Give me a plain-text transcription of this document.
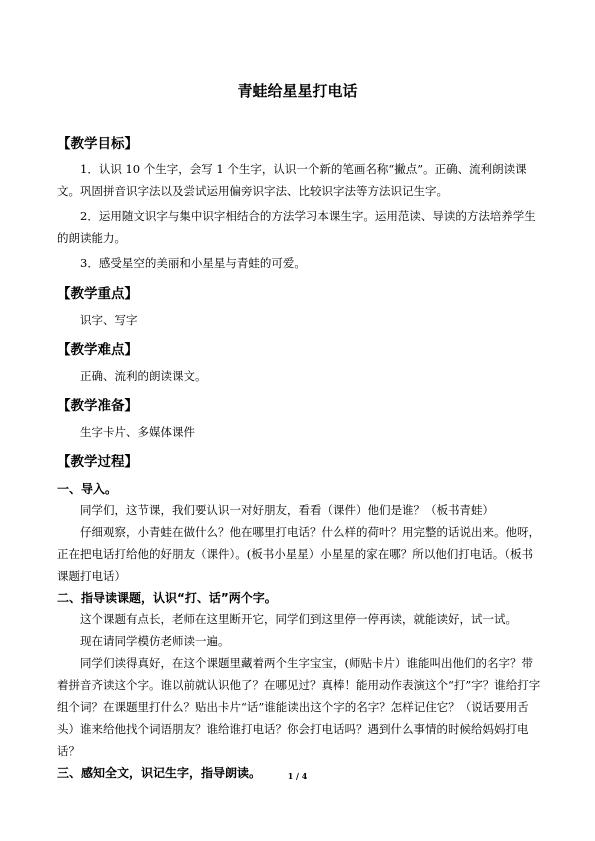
青蛙给星星打电话
【教学目标】

1．认识 10 个生字，会写 1 个生字，认识一个新的笔画名称“撇点”。正确、流利朗读课文。巩固拼音识字法以及尝试运用偏旁识字法、比较识字法等方法识记生字。

2．运用随文识字与集中识字相结合的方法学习本课生字。运用范读、导读的方法培养学生的朗读能力。

3．感受星空的美丽和小星星与青蛙的可爱。

【教学重点】
识字、写字
【教学难点】
正确、流利的朗读课文。
【教学准备】
生字卡片、多媒体课件
【教学过程】
一、导入。

同学们，这节课，我们要认识一对好朋友，看看（课件）他们是谁？（板书青蛙）

仔细观察，小青蛙在做什么？他在哪里打电话？什么样的荷叶？用完整的话说出来。他呀，正在把电话打给他的好朋友（课件）。(板书小星星）小星星的家在哪？所以他们打电话。（板书课题打电话）

二、指导读课题，认识“打、话”两个字。

这个课题有点长，老师在这里断开它，同学们到这里停一停再读，就能读好，试一试。

现在请同学模仿老师读一遍。

同学们读得真好，在这个课题里藏着两个生字宝宝，(师贴卡片）谁能叫出他们的名字？带着拼音齐读这个字。谁以前就认识他了？在哪见过？真棒！能用动作表演这个“打”字？谁给打字组个词？在课题里打什么？贴出卡片“话”谁能读出这个字的名字？怎样记住它？（说话要用舌头）谁来给他找个词语朋友？谁给谁打电话？你会打电话吗？遇到什么事情的时候给妈妈打电话？

三、感知全文，识记生字，指导朗读。	1 / 4
